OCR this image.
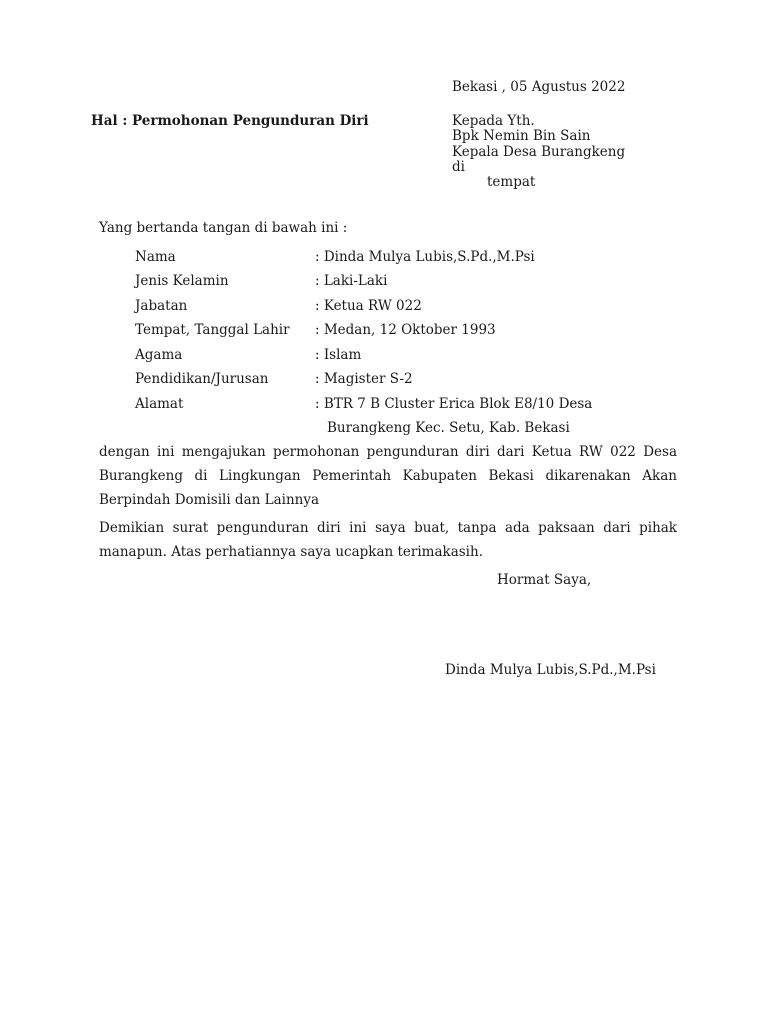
Bekasi , 05 Agustus 2022
Hal : Permohonan Pengunduran Diri	Kepada Yth.
Bpk Nemin Bin Sain
Kepala Desa Burangkeng
di
tempat
Yang bertanda tangan di bawah ini :
Nama	: Dinda Mulya Lubis,S.Pd.,M.Psi
Jenis Kelamin	: Laki-Laki
Jabatan	: Ketua RW 022
Tempat, Tanggal Lahir : Medan, 12 Oktober 1993
Agama	: Islam
Pendidikan/Jurusan	: Magister S-2
Alamat	: BTR 7 B Cluster Erica Blok E8/10 Desa
Burangkeng Kec. Setu, Kab. Bekasi
dengan ini mengajukan permohonan pengunduran diri dari Ketua RW 022 Desa Burangkeng di Lingkungan Pemerintah Kabupaten Bekasi dikarenakan Akan Berpindah Domisili dan Lainnya
Demikian surat pengunduran diri ini saya buat, tanpa ada paksaan dari pihak manapun. Atas perhatiannya saya ucapkan terimakasih.
Hormat Saya,
Dinda Mulya Lubis,S.Pd.,M.Psi
